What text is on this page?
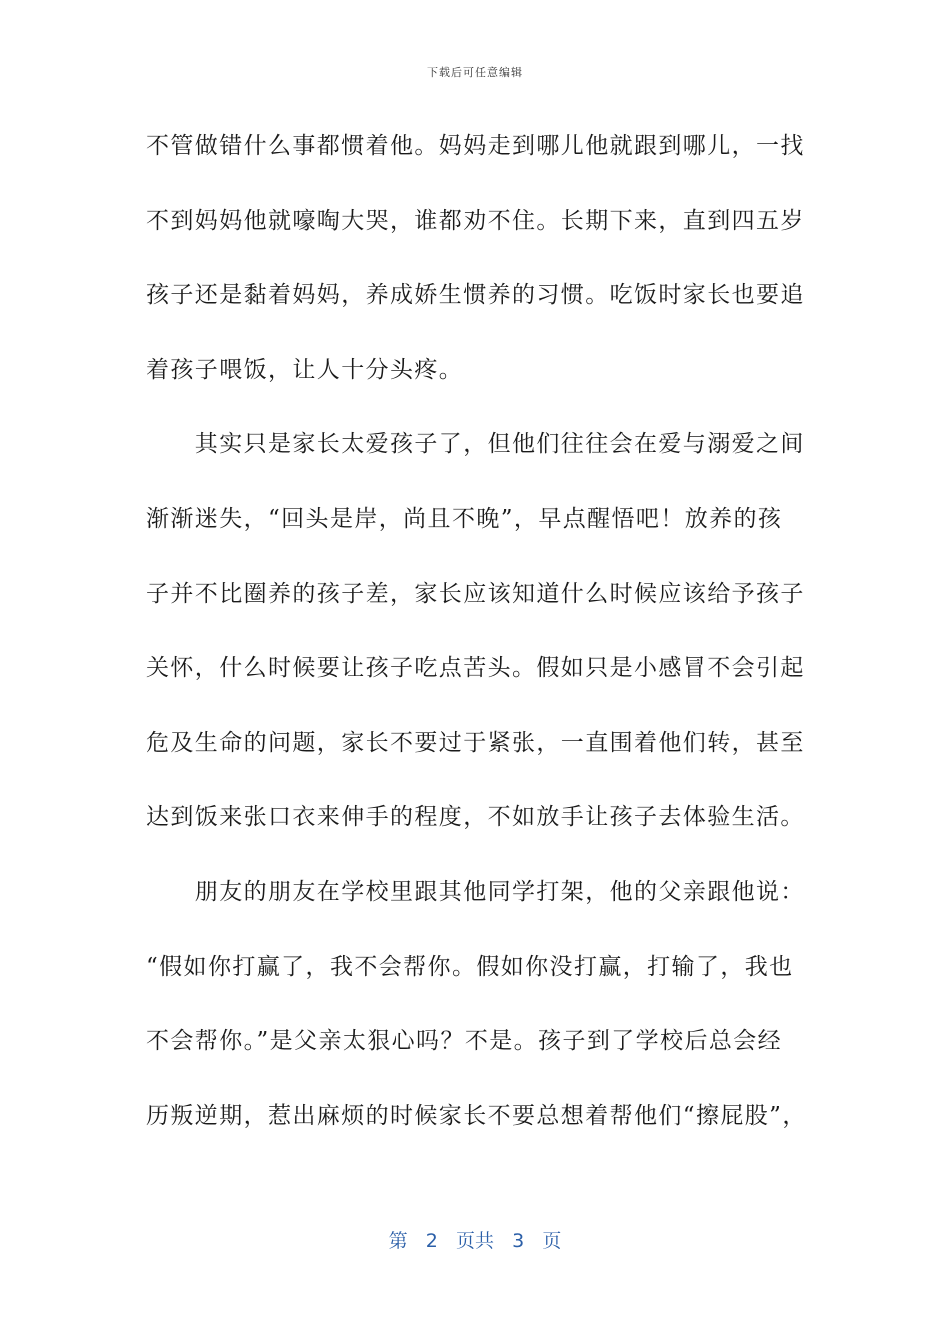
下载后可任意编辑
不管做错什么事都惯着他。妈妈走到哪儿他就跟到哪儿，一找
不到妈妈他就嚎啕大哭，谁都劝不住。长期下来，直到四五岁
孩子还是黏着妈妈，养成娇生惯养的习惯。吃饭时家长也要追
着孩子喂饭，让人十分头疼。
　　其实只是家长太爱孩子了，但他们往往会在爱与溺爱之间
渐渐迷失，“回头是岸，尚且不晚”，早点醒悟吧！放养的孩
子并不比圈养的孩子差，家长应该知道什么时候应该给予孩子
关怀，什么时候要让孩子吃点苦头。假如只是小感冒不会引起
危及生命的问题，家长不要过于紧张，一直围着他们转，甚至
达到饭来张口衣来伸手的程度，不如放手让孩子去体验生活。
　　朋友的朋友在学校里跟其他同学打架，他的父亲跟他说：
“假如你打赢了，我不会帮你。假如你没打赢，打输了，我也
不会帮你。”是父亲太狠心吗？不是。孩子到了学校后总会经
历叛逆期，惹出麻烦的时候家长不要总想着帮他们“擦屁股”，
第 2 页共 3 页
